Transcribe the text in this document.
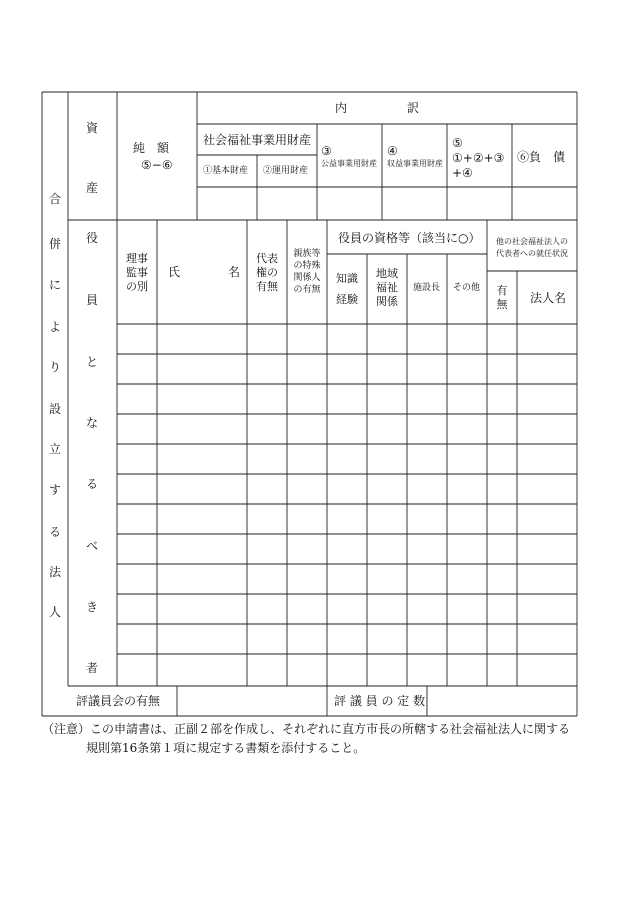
合
併
に
よ
り
設
立
す
る
法
人
資
産
純　額
⑤−⑥
内　　　　　訳
社会福祉事業用財産
①基本財産 ②運用財産
③
公益事業用財産
④
収益事業用財産
⑤
①+②+③
+④
⑥負　債
役
員
と
な
る
べ
き
者
理事
監事
の別
氏　　　　名
代表
権の
有無
親族等
の特殊
関係人
の有無
役員の資格等（該当に○）
知識
経験
地域
福祉
関係
施設長 その他
他の社会福祉法人の
代表者への就任状況
有
無	法人名
評議員会の有無	評 議 員 の 定 数
（注意）この申請書は、正副２部を作成し、それぞれに直方市長の所轄する社会福祉法人に関する
規則第16条第１項に規定する書類を添付すること。
